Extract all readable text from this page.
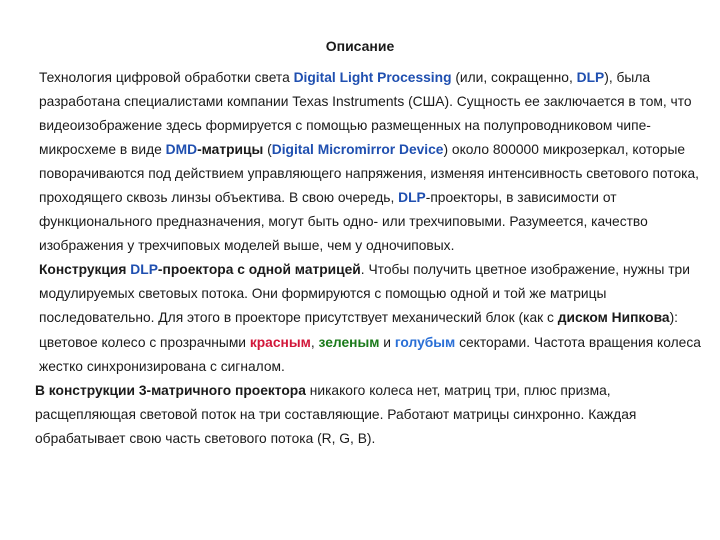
Описание

Технология цифровой обработки света Digital Light Processing (или, сокращенно, DLP), была разработана специалистами компании Texas Instruments (США). Сущность ее заключается в том, что видеоизображение здесь формируется с помощью размещенных на полупроводниковом чипе-микросхеме в виде DMD-матрицы (Digital Micromirror Device) около 800000 микрозеркал, которые поворачиваются под действием управляющего напряжения, изменяя интенсивность светового потока, проходящего сквозь линзы объектива. В свою очередь, DLP-проекторы, в зависимости от функционального предназначения, могут быть одно- или трехчиповыми. Разумеется, качество изображения у трехчиповых моделей выше, чем у одночиповых.

Конструкция DLP-проектора с одной матрицей. Чтобы получить цветное изображение, нужны три модулируемых световых потока. Они формируются с помощью одной и той же матрицы последовательно. Для этого в проекторе присутствует механический блок (как с диском Нипкова): цветовое колесо с прозрачными красным, зеленым и голубым секторами. Частота вращения колеса жестко синхронизирована с сигналом.

В конструкции 3-матричного проектора никакого колеса нет, матриц три, плюс призма, расщепляющая световой поток на три составляющие. Работают матрицы синхронно. Каждая обрабатывает свою часть светового потока (R, G, B).
